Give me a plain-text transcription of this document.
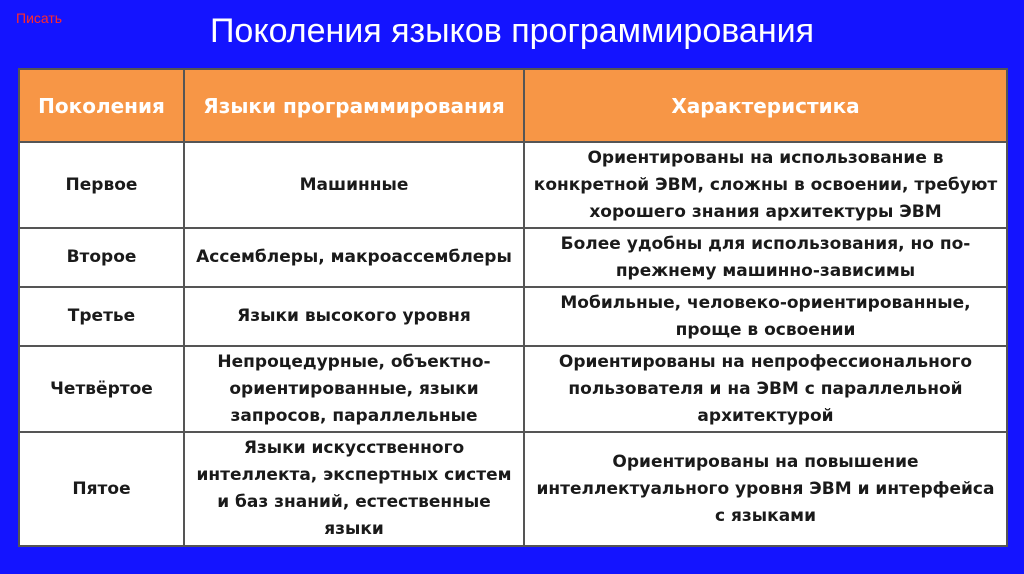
Писать	Поколения языков программирования
Поколения	Языки программирования	Характеристика
Первое	Машинные	Ориентированы на использование в конкретной ЭВМ, сложны в освоении, требуют хорошего знания архитектуры ЭВМ
Второе	Ассемблеры, макроассемблеры	Более удобны для использования, но по-прежнему машинно-зависимы
Третье	Языки высокого уровня	Мобильные, человеко-ориентированные, проще в освоении
Четвёртое	Непроцедурные, объектно-ориентированные, языки запросов, параллельные	Ориентированы на непрофессионального пользователя и на ЭВМ с параллельной архитектурой
Пятое	Языки искусственного интеллекта, экспертных систем и баз знаний, естественные языки	Ориентированы на повышение интеллектуального уровня ЭВМ и интерфейса с языками
